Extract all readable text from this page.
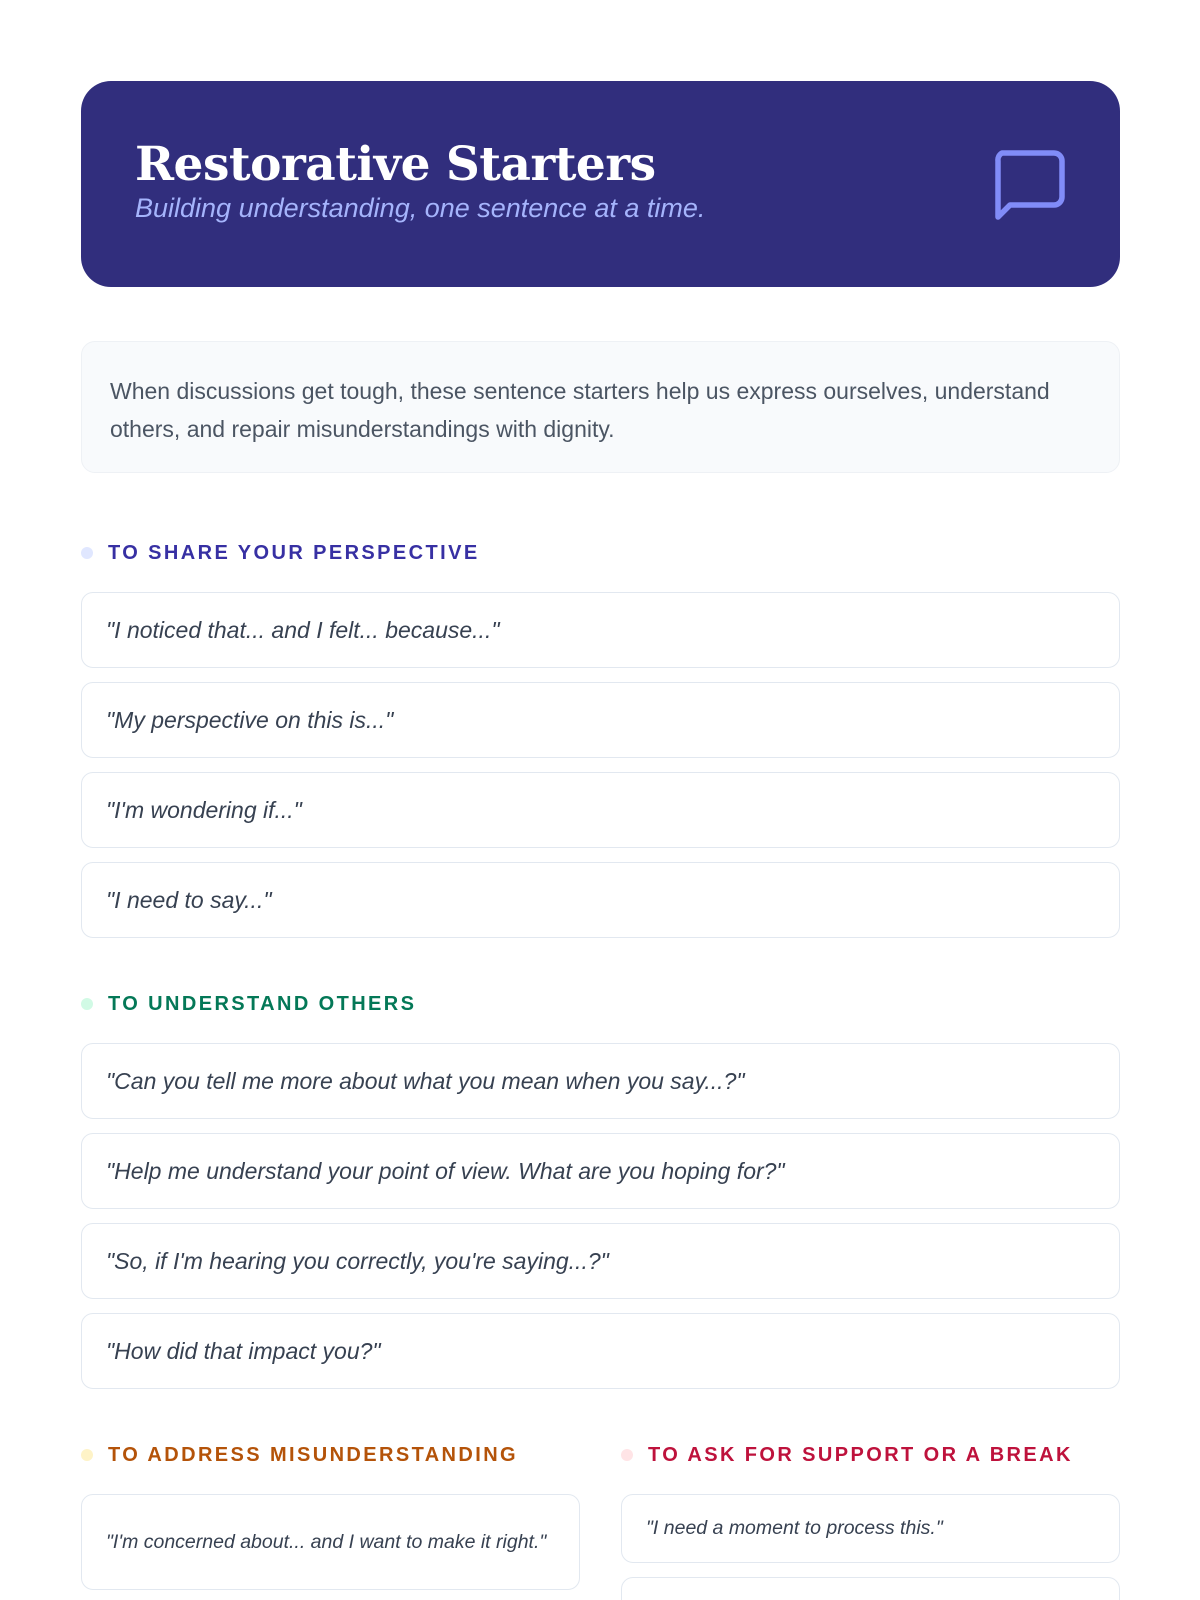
Restorative Starters
Building understanding, one sentence at a time.

When discussions get tough, these sentence starters help us express ourselves, understand others, and repair misunderstandings with dignity.

TO SHARE YOUR PERSPECTIVE
"I noticed that... and I felt... because..."
"My perspective on this is..."
"I'm wondering if..."
"I need to say..."
TO UNDERSTAND OTHERS
"Can you tell me more about what you mean when you say...?"
"Help me understand your point of view. What are you hoping for?"
"So, if I'm hearing you correctly, you're saying...?"
"How did that impact you?"
TO ADDRESS MISUNDERSTANDING
"I'm concerned about... and I want to make it right."
TO ASK FOR SUPPORT OR A BREAK
"I need a moment to process this."
